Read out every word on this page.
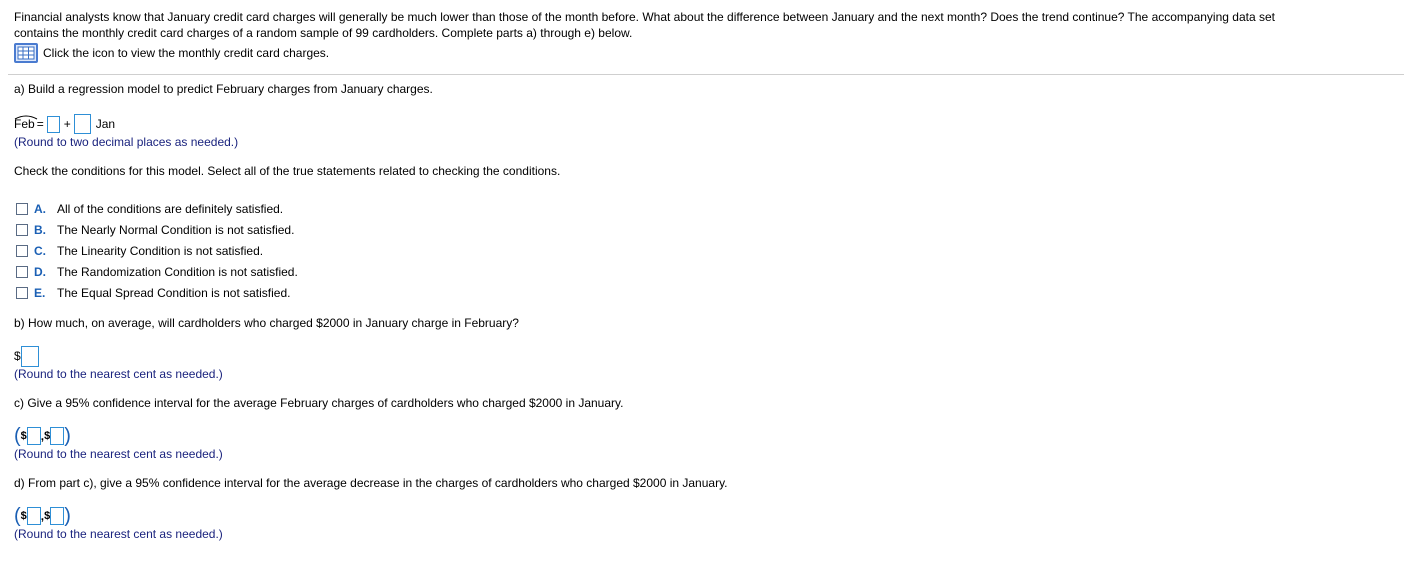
Financial analysts know that January credit card charges will generally be much lower than those of the month before. What about the difference between January and the next month? Does the trend continue? The accompanying data set
contains the monthly credit card charges of a random sample of 99 cardholders. Complete parts a) through e) below.
Click the icon to view the monthly credit card charges.
a) Build a regression model to predict February charges from January charges.
Feb = + Jan
(Round to two decimal places as needed.)
Check the conditions for this model. Select all of the true statements related to checking the conditions.
A. All of the conditions are definitely satisfied.
B. The Nearly Normal Condition is not satisfied.
C. The Linearity Condition is not satisfied.
D. The Randomization Condition is not satisfied.
E. The Equal Spread Condition is not satisfied.
b) How much, on average, will cardholders who charged $2000 in January charge in February?
$
(Round to the nearest cent as needed.)
c) Give a 95% confidence interval for the average February charges of cardholders who charged $2000 in January.
( $ , $ )
(Round to the nearest cent as needed.)
d) From part c), give a 95% confidence interval for the average decrease in the charges of cardholders who charged $2000 in January.
( $ , $ )
(Round to the nearest cent as needed.)
